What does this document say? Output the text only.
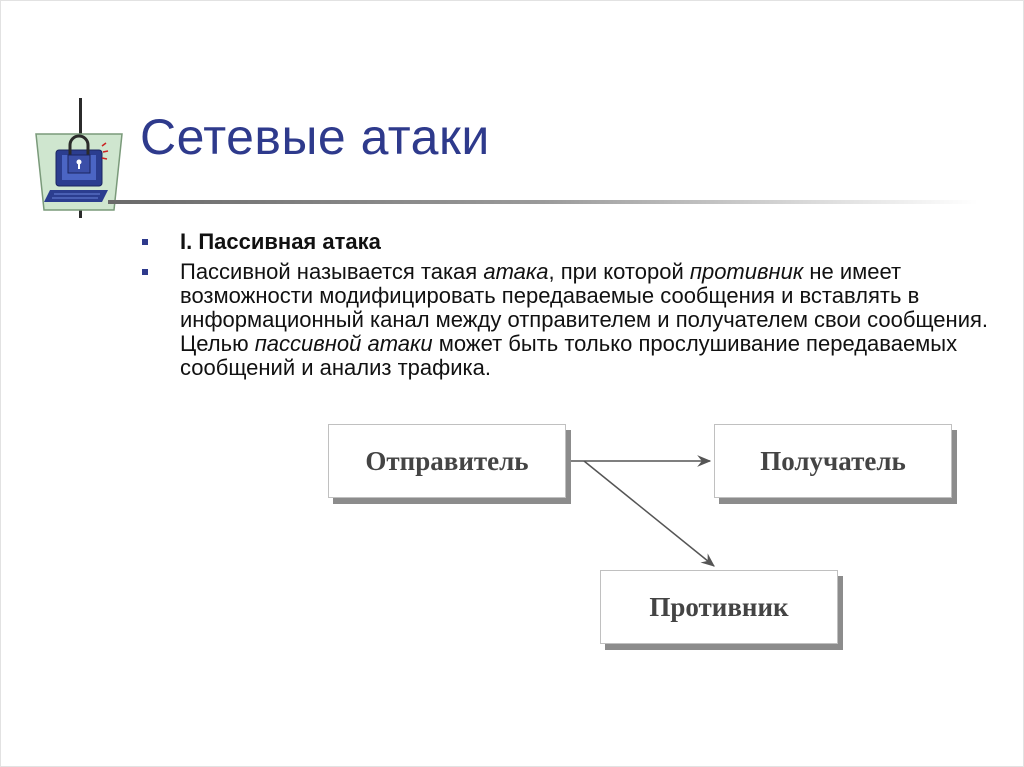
Сетевые атаки
I. Пассивная атака
Пассивной называется такая атака, при которой противник не имеет возможности модифицировать передаваемые сообщения и вставлять в информационный канал между отправителем и получателем свои сообщения. Целью пассивной атаки может быть только прослушивание передаваемых сообщений и анализ трафика.
Отправитель	Получатель
Противник
